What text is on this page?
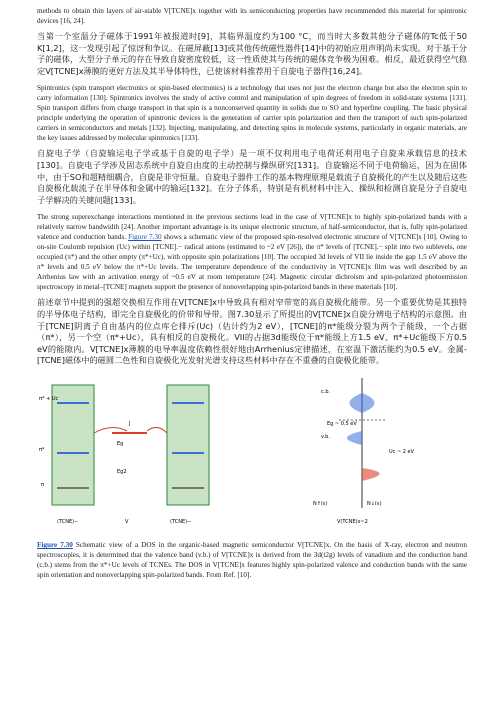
methods to obtain thin layers of air-stable V[TCNE]x together with its semiconducting properties have recommended this material for spintronic devices [16, 24].

当第一个室温分子磁体于1991年被报道时[9]，其临界温度约为100 °C，而当时大多数其他分子磁体的Tc低于50 K[1,2]，这一发现引起了惊讶和争议。在磁屏蔽[13]或其他传统磁性器件[14]中的初始应用声明尚未实现。对于基于分子的磁体，大型分子单元的存在导致自旋密度较低，这一性质使其与传统的磁体竞争极为困难。相反，最近获得空气稳定V[TCNE]x薄膜的更好方法及其半导体特性，已使该材料推荐用于自旋电子器件[16,24]。

Spintronics (spin transport electronics or spin-based electronics) is a technology that uses not just the electron charge but also the electron spin to carry information [130]. Spintronics involves the study of active control and manipulation of spin degrees of freedom in solid-state systems [131]. Spin transport differs from charge transport in that spin is a nonconserved quantity in solids due to SO and hyperfine coupling. The basic physical principle underlying the operation of spintronic devices is the generation of carrier spin polarization and then the transport of such spin-polarized carriers in semiconductors and metals [132]. Injecting, manipulating, and detecting spins in molecule systems, particularly in organic materials, are the key issues addressed by molecular spintronics [133].

自旋电子学（自旋输运电子学或基于自旋的电子学）是一项不仅利用电子电荷还利用电子自旋来承载信息的技术[130]。自旋电子学涉及固态系统中自旋自由度的主动控制与操纵研究[131]。自旋输运不同于电荷输运，因为在固体中，由于SO和超精细耦合，自旋是非守恒量。自旋电子器件工作的基本物理原理是载流子自旋极化的产生以及随后这些自旋极化载流子在半导体和金属中的输运[132]。在分子体系，特别是有机材料中注入、操纵和检测自旋是分子自旋电子学解决的关键问题[133]。

The strong superexchange interactions mentioned in the previous sections lead in the case of V[TCNE]x to highly spin-polarized bands with a relatively narrow bandwidth [24]. Another important advantage is its unique electronic structure, of half-semiconductor, that is, fully spin-polarized valence and conduction bands. Figure 7.30 shows a schematic view of the proposed spin-resolved electronic structure of V[TCNE]x [10]. Owing to on-site Coulomb repulsion (Uc) within [TCNE].− radical anions (estimated to ~2 eV [26]), the π* levels of [TCNE].− split into two sublevels, one occupied (π*) and the other empty (π*+Uc), with opposite spin polarizations [10]. The occupied 3d levels of VII lie inside the gap 1.5 eV above the π* levels and 0.5 eV below the π*+Uc levels. The temperature dependence of the conductivity in V[TCNE]x film was well described by an Arrhenius law with an activation energy of ~0.5 eV at room temperature [24]. Magnetic circular dichroism and spin-polarized photoemission spectroscopy in metal–[TCNE] magnets support the presence of nonoverlapping spin-polarized bands in these materials [10].

前述章节中提到的强超交换相互作用在V[TCNE]x中导致具有相对窄带宽的高自旋极化能带。另一个重要优势是其独特的半导体电子结构，即完全自旋极化的价带和导带。图7.30显示了所提出的V[TCNE]x自旋分辨电子结构的示意图。由于[TCNE]阴离子自由基内的位点库仑排斥(Uc)（估计约为2 eV），[TCNE]的π*能级分裂为两个子能级，一个占据（π*），另一个空（π*+Uc），具有相反的自旋极化。VII的占据3d能级位于π*能级上方1.5 eV、π*+Uc能级下方0.5 eV的能隙内。V[TCNE]x薄膜的电导率温度依赖性很好地由Arrhenius定律描述，在室温下激活能约为0.5 eV。金属-[TCNE]磁体中的磁圆二色性和自旋极化光发射光谱支持这些材料中存在不重叠的自旋极化能带。

π* + Uc
π*
π
J
Eg
Eg2
c.b.
v.b.
Eg ~ 0.5 eV
Uc ~ 2 eV
N↑(ε)	N↓(ε)
(TCNE)−	V	(TCNE)−	V(TCNE)x~2

Figure 7.30 Schematic view of a DOS in the organic-based magnetic semiconductor V[TCNE]x. On the basis of X-ray, electron and neutron spectroscopies, it is determined that the valence band (v.b.) of V[TCNE]x is derived from the 3d(t2g) levels of vanadium and the conduction band (c.b.) stems from the π*+Uc levels of TCNEs. The DOS in V[TCNE]x features highly spin-polarized valence and conduction bands with the same spin orientation and nonoverlapping spin-polarized bands. From Ref. [10].
